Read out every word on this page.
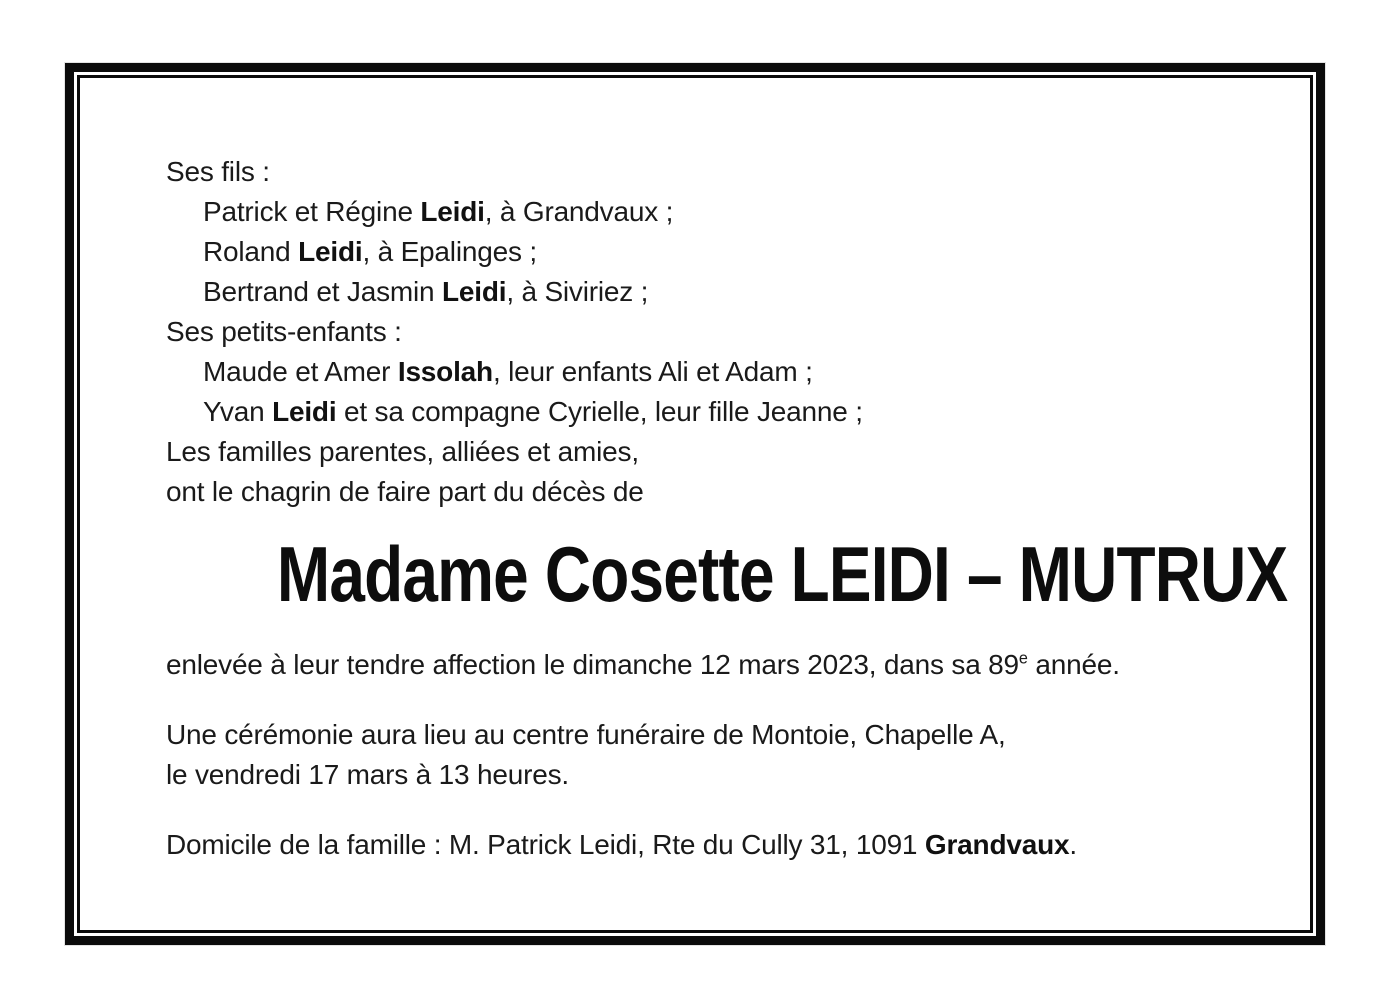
Ses fils :
Patrick et Régine Leidi, à Grandvaux ;
Roland Leidi, à Epalinges ;
Bertrand et Jasmin Leidi, à Siviriez ;
Ses petits-enfants :
Maude et Amer Issolah, leur enfants Ali et Adam ;
Yvan Leidi et sa compagne Cyrielle, leur fille Jeanne ;
Les familles parentes, alliées et amies,
ont le chagrin de faire part du décès de
Madame Cosette LEIDI – MUTRUX
enlevée à leur tendre affection le dimanche 12 mars 2023, dans sa 89e année.
Une cérémonie aura lieu au centre funéraire de Montoie, Chapelle A,
le vendredi 17 mars à 13 heures.
Domicile de la famille : M. Patrick Leidi, Rte du Cully 31, 1091 Grandvaux.
